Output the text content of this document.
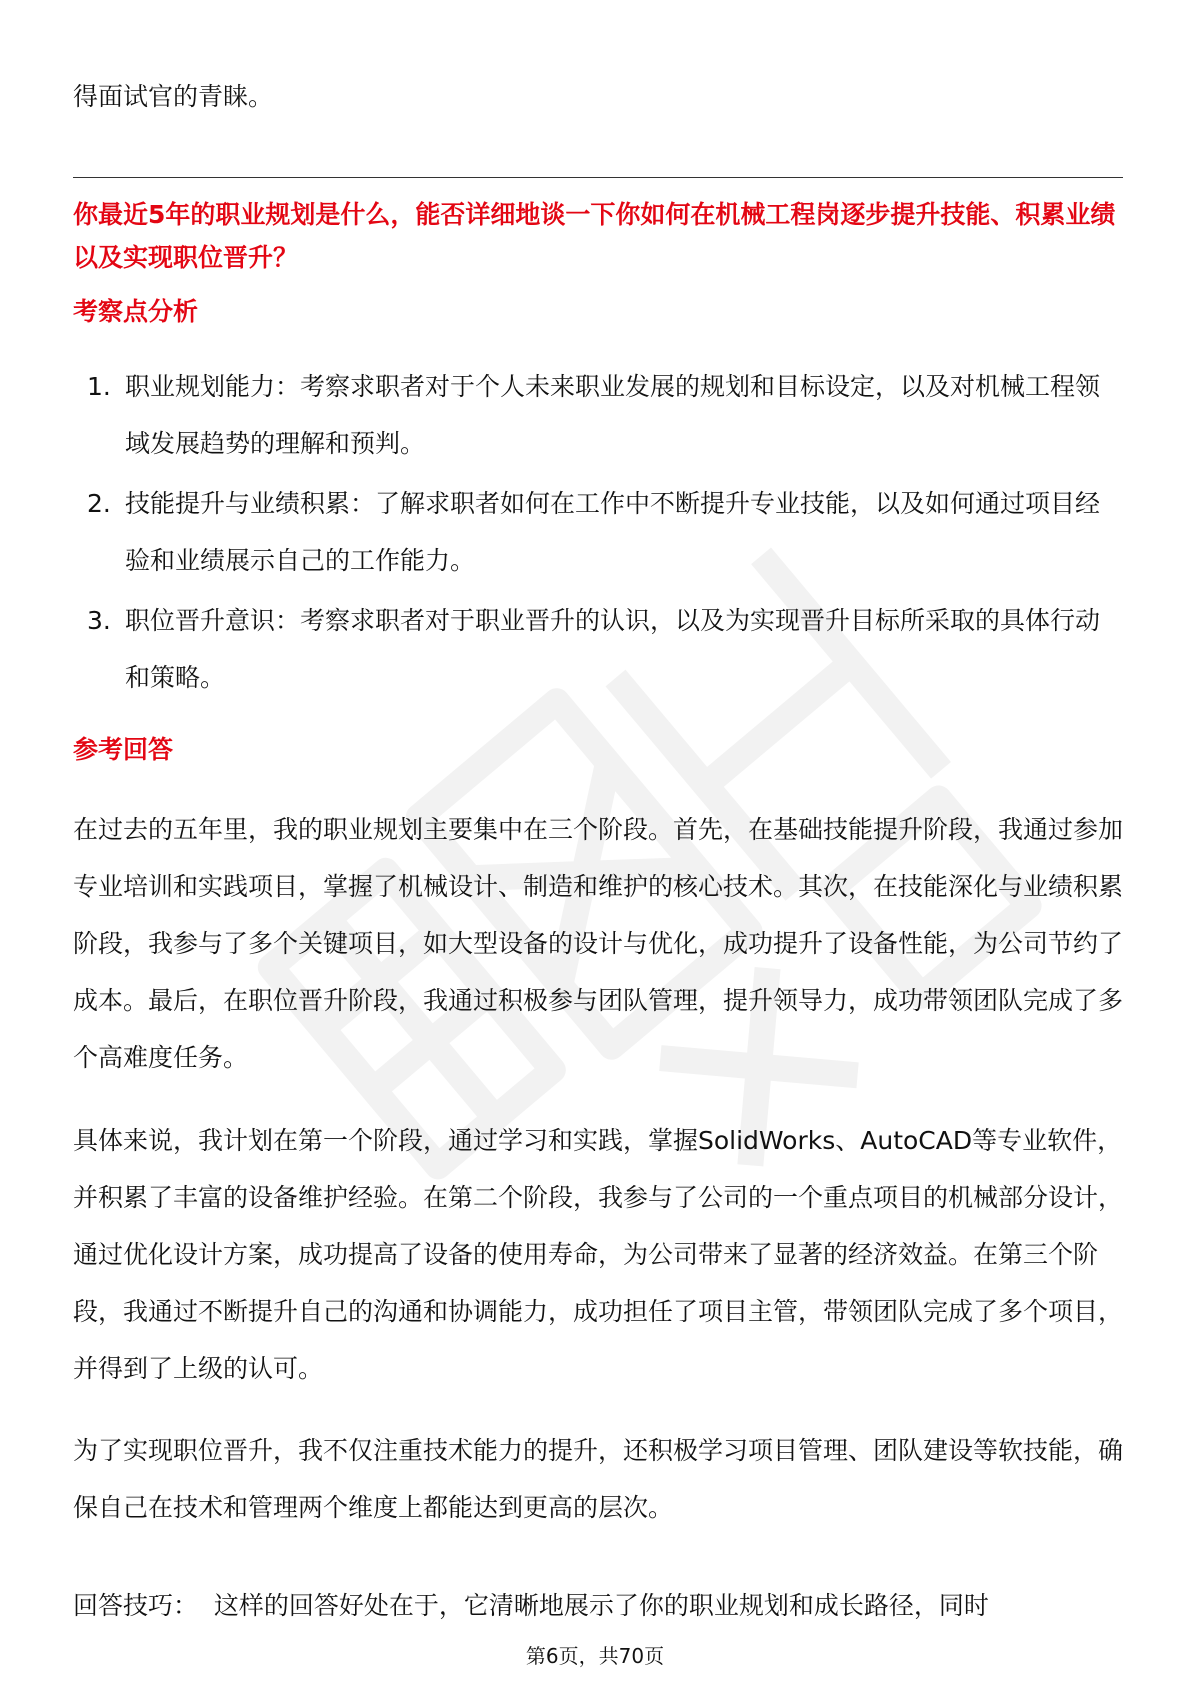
得面试官的青睐。
你最近5年的职业规划是什么，能否详细地谈一下你如何在机械工程岗逐步提升技能、积累业绩以及实现职位晋升？
考察点分析
1. 职业规划能力：考察求职者对于个人未来职业发展的规划和目标设定，以及对机械工程领域发展趋势的理解和预判。
2. 技能提升与业绩积累：了解求职者如何在工作中不断提升专业技能，以及如何通过项目经验和业绩展示自己的工作能力。
3. 职位晋升意识：考察求职者对于职业晋升的认识，以及为实现晋升目标所采取的具体行动和策略。
参考回答
在过去的五年里，我的职业规划主要集中在三个阶段。首先，在基础技能提升阶段，我通过参加专业培训和实践项目，掌握了机械设计、制造和维护的核心技术。其次，在技能深化与业绩积累阶段，我参与了多个关键项目，如大型设备的设计与优化，成功提升了设备性能，为公司节约了成本。最后，在职位晋升阶段，我通过积极参与团队管理，提升领导力，成功带领团队完成了多个高难度任务。
具体来说，我计划在第一个阶段，通过学习和实践，掌握SolidWorks、AutoCAD等专业软件，并积累了丰富的设备维护经验。在第二个阶段，我参与了公司的一个重点项目的机械部分设计，通过优化设计方案，成功提高了设备的使用寿命，为公司带来了显著的经济效益。在第三个阶段，我通过不断提升自己的沟通和协调能力，成功担任了项目主管，带领团队完成了多个项目，并得到了上级的认可。
为了实现职位晋升，我不仅注重技术能力的提升，还积极学习项目管理、团队建设等软技能，确保自己在技术和管理两个维度上都能达到更高的层次。
回答技巧：  这样的回答好处在于，它清晰地展示了你的职业规划和成长路径，同时
第6页，共70页
